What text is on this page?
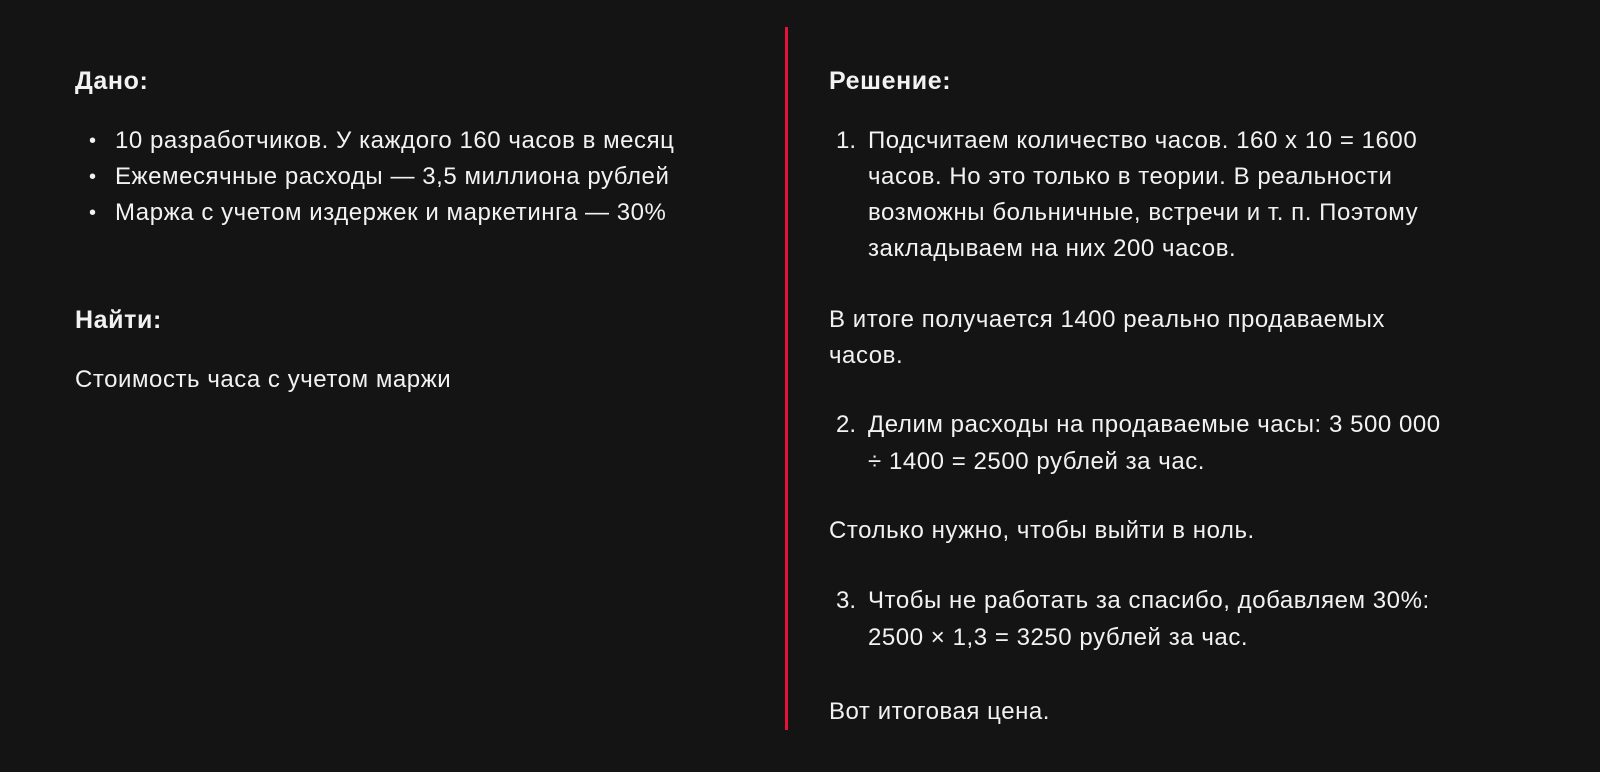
Дано:
• 10 разработчиков. У каждого 160 часов в месяц
• Ежемесячные расходы — 3,5 миллиона рублей
• Маржа с учетом издержек и маркетинга — 30%
Найти:
Стоимость часа с учетом маржи
Решение:
1. Подсчитаем количество часов. 160 x 10 = 1600
часов. Но это только в теории. В реальности
возможны больничные, встречи и т. п. Поэтому
закладываем на них 200 часов.
В итоге получается 1400 реально продаваемых
часов.
2. Делим расходы на продаваемые часы: 3 500 000
÷ 1400 = 2500 рублей за час.
Столько нужно, чтобы выйти в ноль.
3. Чтобы не работать за спасибо, добавляем 30%:
2500 × 1,3 = 3250 рублей за час.
Вот итоговая цена.
